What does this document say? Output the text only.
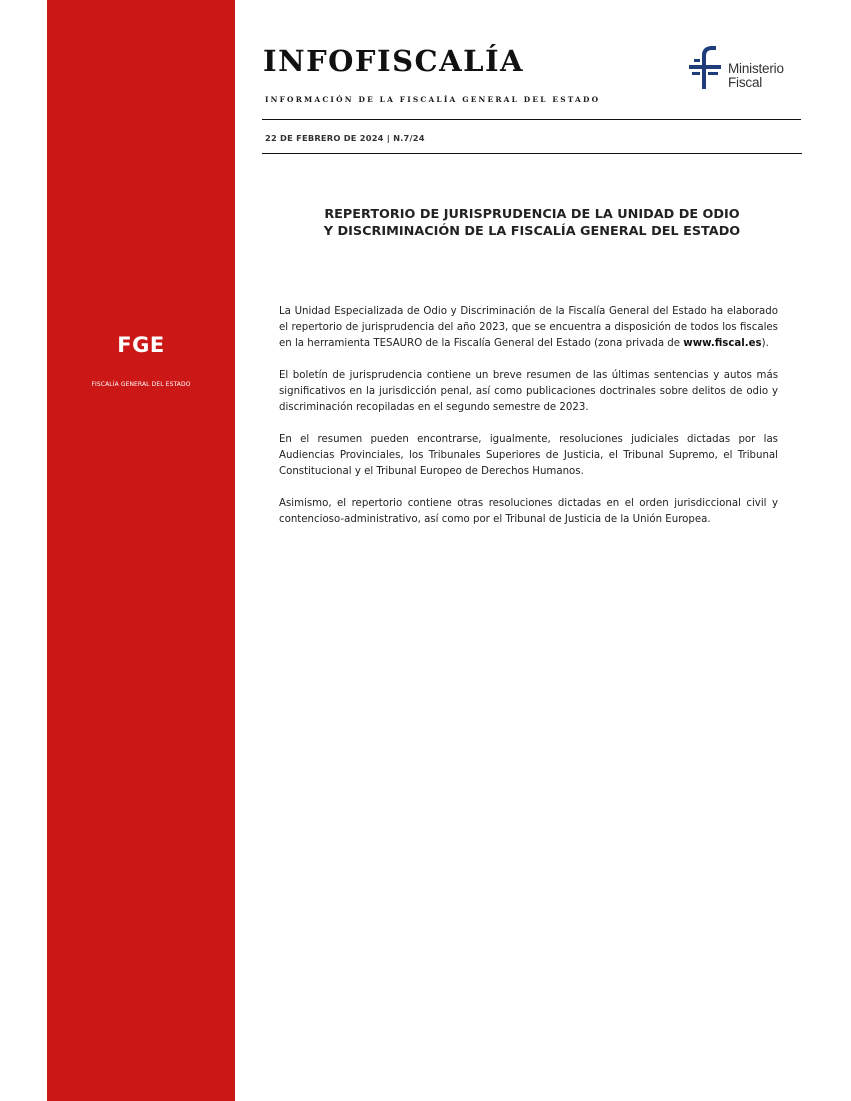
FGE
FISCALÍA GENERAL DEL ESTADO
INFOFISCALÍA
INFORMACIÓN DE LA FISCALÍA GENERAL DEL ESTADO
Ministerio
Fiscal
22 DE FEBRERO DE 2024 | N.7/24
REPERTORIO DE JURISPRUDENCIA DE LA UNIDAD DE ODIO
Y DISCRIMINACIÓN DE LA FISCALÍA GENERAL DEL ESTADO

La Unidad Especializada de Odio y Discriminación de la Fiscalía General del Estado ha elaborado el repertorio de jurisprudencia del año 2023, que se encuentra a disposición de todos los fiscales en la herramienta TESAURO de la Fiscalía General del Estado (zona privada de www.fiscal.es).

El boletín de jurisprudencia contiene un breve resumen de las últimas sentencias y autos más significativos en la jurisdicción penal, así como publicaciones doctrinales sobre delitos de odio y discriminación recopiladas en el segundo semestre de 2023.

En el resumen pueden encontrarse, igualmente, resoluciones judiciales dictadas por las Audiencias Provinciales, los Tribunales Superiores de Justicia, el Tribunal Supremo, el Tribunal Constitucional y el Tribunal Europeo de Derechos Humanos.

Asimismo, el repertorio contiene otras resoluciones dictadas en el orden jurisdiccional civil y contencioso-administrativo, así como por el Tribunal de Justicia de la Unión Europea.
